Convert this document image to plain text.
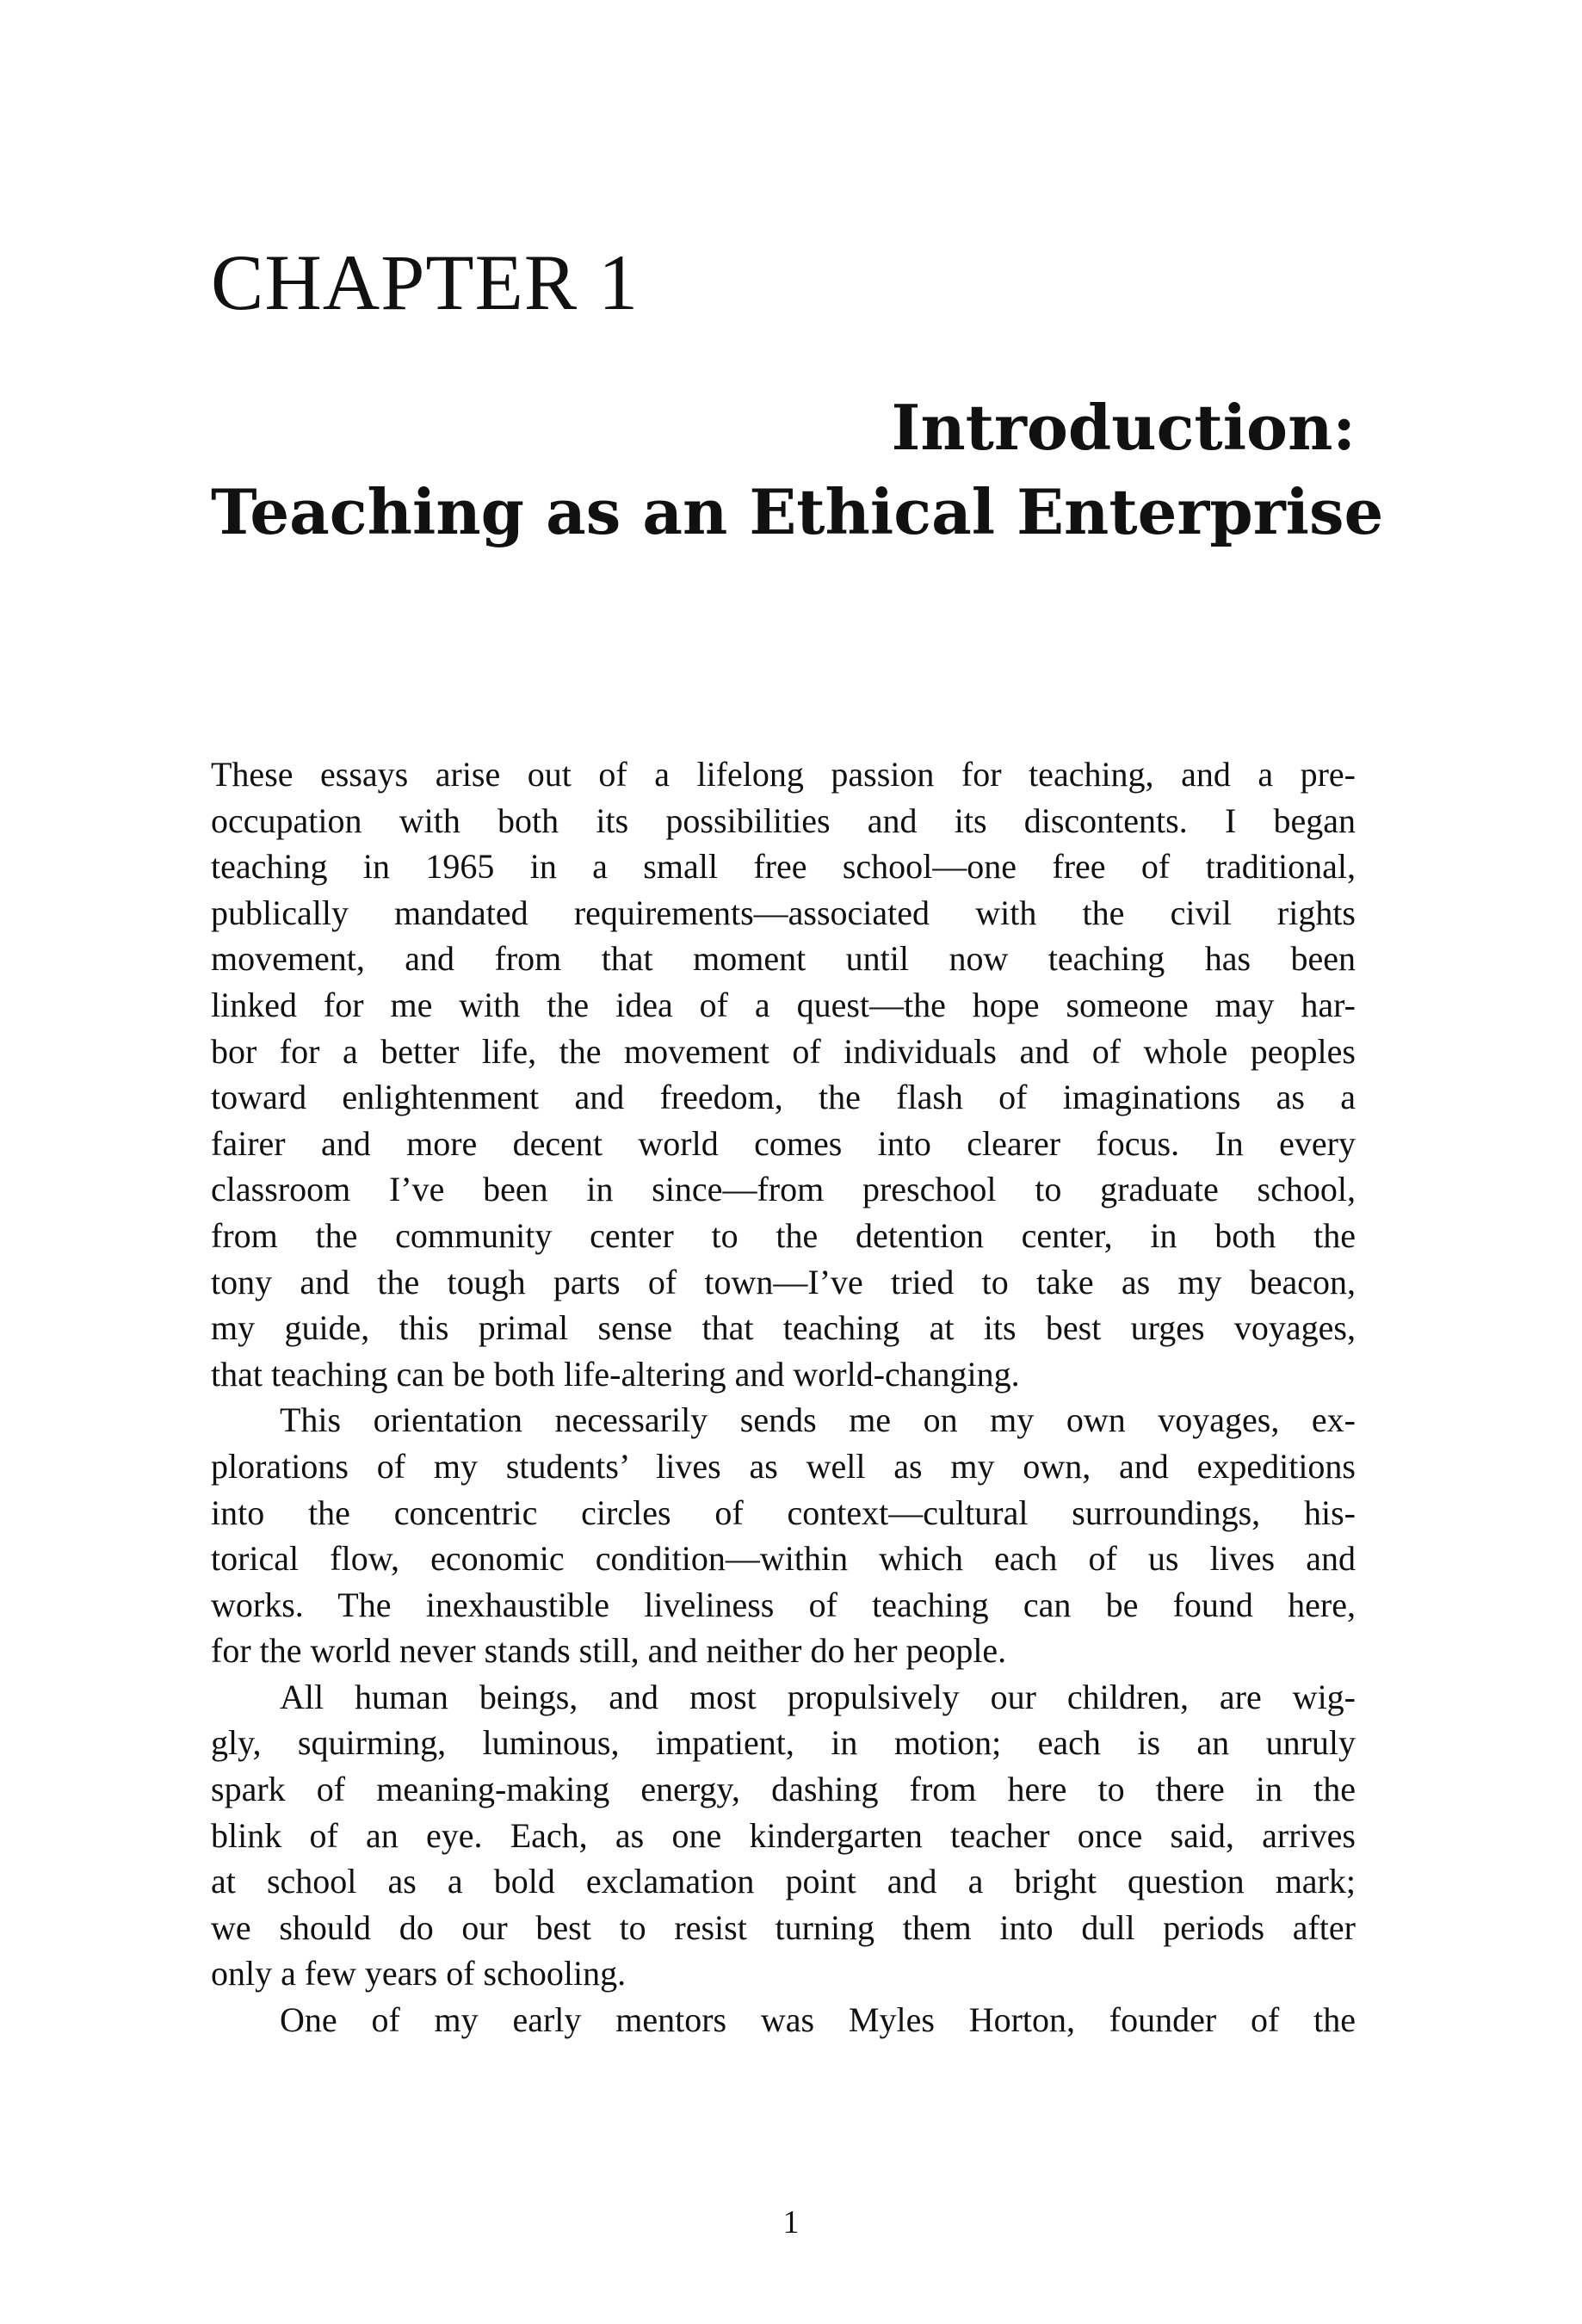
CHAPTER 1
Introduction:
Teaching as an Ethical Enterprise
These essays arise out of a lifelong passion for teaching, and a pre-
occupation with both its possibilities and its discontents. I began
teaching in 1965 in a small free school—one free of traditional,
publically mandated requirements—associated with the civil rights
movement, and from that moment until now teaching has been
linked for me with the idea of a quest—the hope someone may har-
bor for a better life, the movement of individuals and of whole peoples
toward enlightenment and freedom, the flash of imaginations as a
fairer and more decent world comes into clearer focus. In every
classroom I’ve been in since—from preschool to graduate school,
from the community center to the detention center, in both the
tony and the tough parts of town—I’ve tried to take as my beacon,
my guide, this primal sense that teaching at its best urges voyages,
that teaching can be both life-altering and world-changing.
This orientation necessarily sends me on my own voyages, ex-
plorations of my students’ lives as well as my own, and expeditions
into the concentric circles of context—cultural surroundings, his-
torical flow, economic condition—within which each of us lives and
works. The inexhaustible liveliness of teaching can be found here,
for the world never stands still, and neither do her people.
All human beings, and most propulsively our children, are wig-
gly, squirming, luminous, impatient, in motion; each is an unruly
spark of meaning-making energy, dashing from here to there in the
blink of an eye. Each, as one kindergarten teacher once said, arrives
at school as a bold exclamation point and a bright question mark;
we should do our best to resist turning them into dull periods after
only a few years of schooling.
One of my early mentors was Myles Horton, founder of the
1
